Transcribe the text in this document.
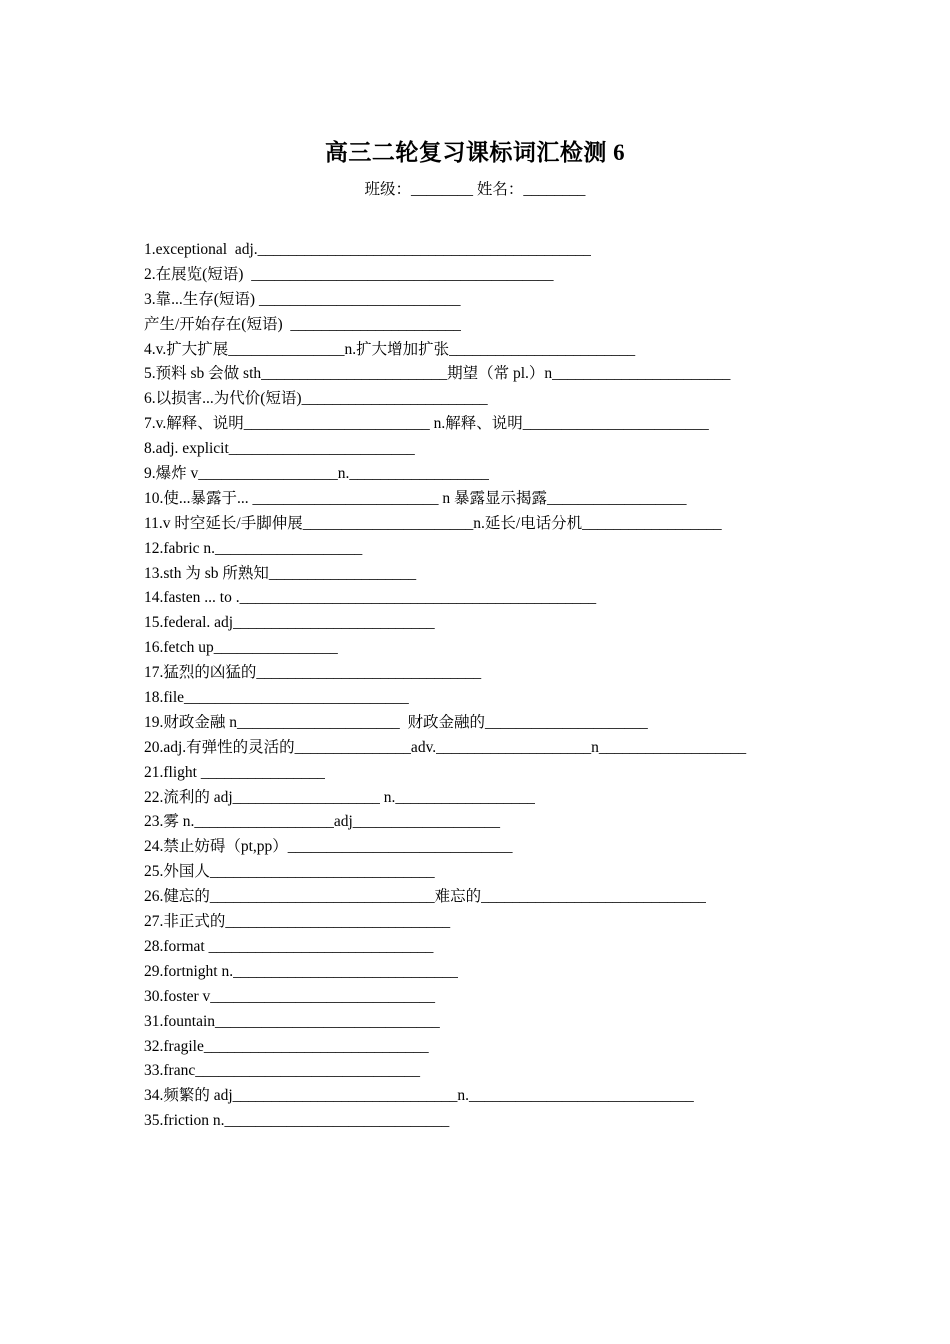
高三二轮复习课标词汇检测 6
班级：________ 姓名：________
1.exceptional  adj.___________________________________________
2.在展览(短语)  _______________________________________
3.靠...生存(短语) __________________________
产生/开始存在(短语)  ______________________
4.v.扩大扩展_______________n.扩大增加扩张________________________
5.预料 sb 会做 sth________________________期望（常 pl.）n_______________________
6.以损害...为代价(短语)________________________
7.v.解释、说明________________________ n.解释、说明________________________
8.adj. explicit________________________
9.爆炸 v__________________n.__________________
10.使...暴露于... ________________________ n 暴露显示揭露__________________
11.v 时空延长/手脚伸展______________________n.延长/电话分机__________________
12.fabric n.___________________
13.sth 为 sb 所熟知___________________
14.fasten ... to .______________________________________________
15.federal. adj__________________________
16.fetch up________________
17.猛烈的凶猛的_____________________________
18.file_____________________________
19.财政金融 n_____________________  财政金融的_____________________
20.adj.有弹性的灵活的_______________adv.____________________n___________________
21.flight ________________
22.流利的 adj___________________ n.__________________
23.雾 n.__________________adj___________________
24.禁止妨碍（pt,pp）_____________________________
25.外国人_____________________________
26.健忘的_____________________________难忘的_____________________________
27.非正式的_____________________________
28.format _____________________________
29.fortnight n._____________________________
30.foster v_____________________________
31.fountain_____________________________
32.fragile_____________________________
33.franc_____________________________
34.频繁的 adj_____________________________n._____________________________
35.friction n._____________________________
